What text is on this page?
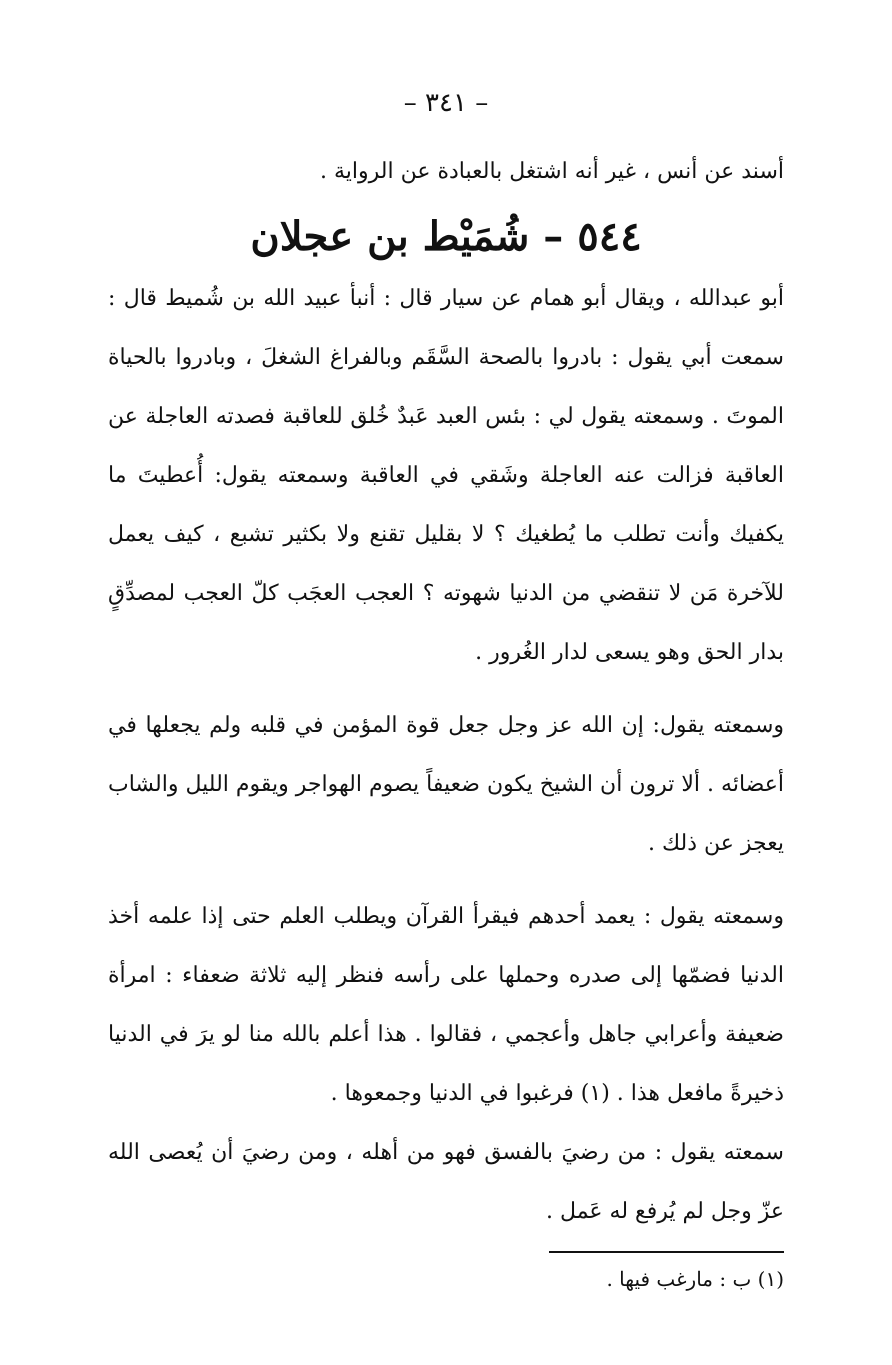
– ٣٤١ –

أسند عن أنس ، غير أنه اشتغل بالعبادة عن الرواية .

٥٤٤ – شُمَيْط بن عجلان

أبو عبدالله ، ويقال أبو همام عن سيار قال : أنبأ عبيد الله بن شُميط قال : سمعت أبي يقول : بادروا بالصحة السَّقَم وبالفراغ الشغلَ ، وبادروا بالحياة الموتَ . وسمعته يقول لي : بئس العبد عَبدٌ خُلق للعاقبة فصدته العاجلة عن العاقبة فزالت عنه العاجلة وشَقي في العاقبة وسمعته يقول: أُعطيتَ ما يكفيك وأنت تطلب ما يُطغيك ؟ لا بقليل تقنع ولا بكثير تشبع ، كيف يعمل للآخرة مَن لا تنقضي من الدنيا شهوته ؟ العجب العجَب كلّ العجب لمصدِّقٍ بدار الحق وهو يسعى لدار الغُرور .

وسمعته يقول: إن الله عز وجل جعل قوة المؤمن في قلبه ولم يجعلها في أعضائه . ألا ترون أن الشيخ يكون ضعيفاً يصوم الهواجر ويقوم الليل والشاب يعجز عن ذلك .

وسمعته يقول : يعمد أحدهم فيقرأ القرآن ويطلب العلم حتى إذا علمه أخذ الدنيا فضمّها إلى صدره وحملها على رأسه فنظر إليه ثلاثة ضعفاء : امرأة ضعيفة وأعرابي جاهل وأعجمي ، فقالوا . هذا أعلم بالله منا لو يرَ في الدنيا ذخيرةً مافعل هذا . (١) فرغبوا في الدنيا وجمعوها .

سمعته يقول : من رضيَ بالفسق فهو من أهله ، ومن رضيَ أن يُعصى الله عزّ وجل لم يُرفع له عَمل .

(١) ب : مارغب فيها .
